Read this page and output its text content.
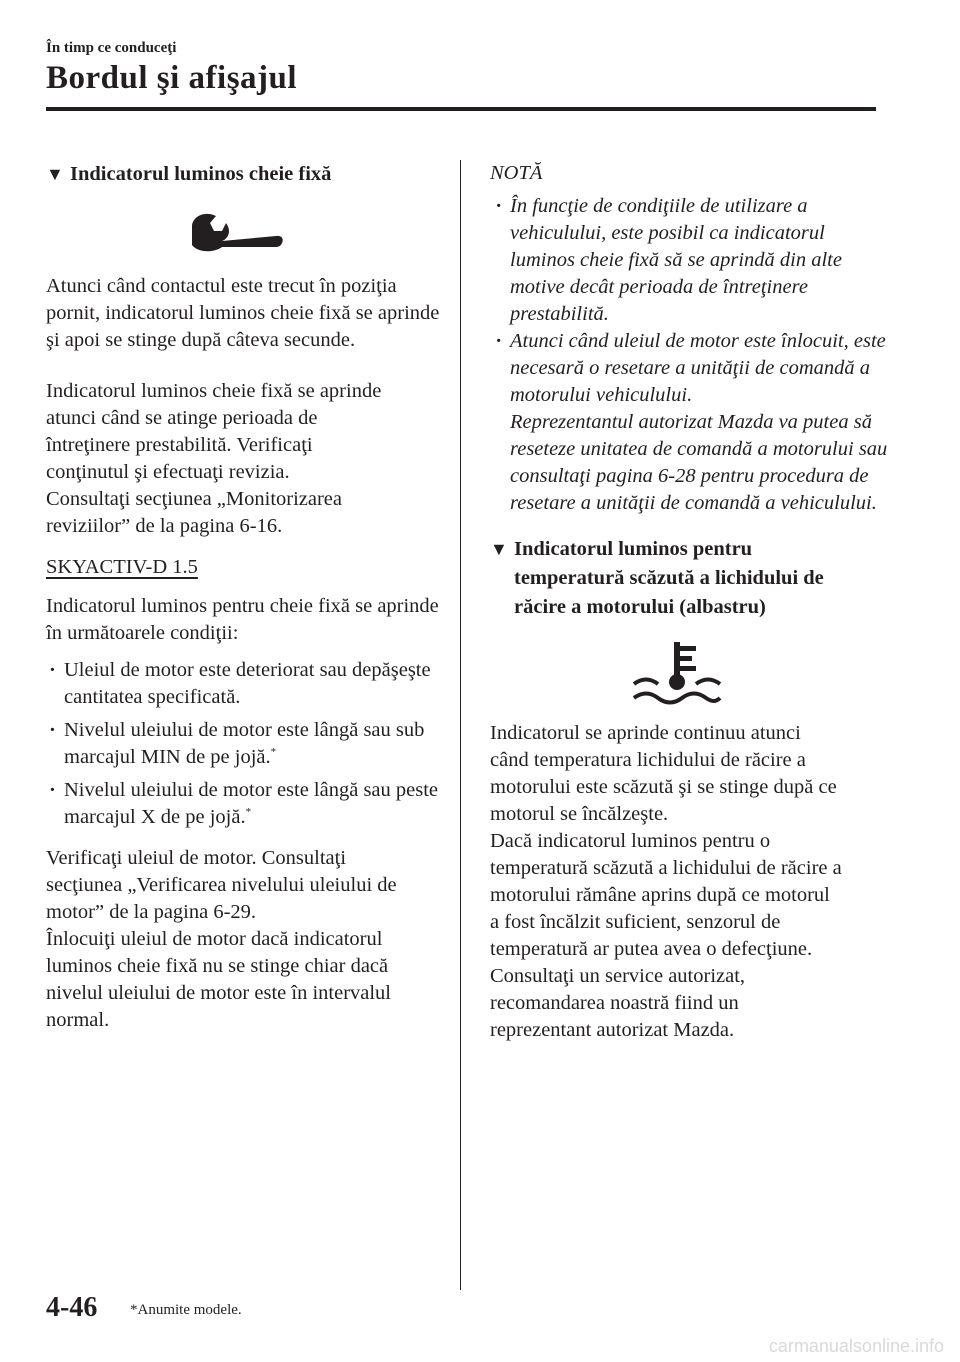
În timp ce conduceţi
Bordul şi afişajul
▼ Indicatorul luminos cheie fixă

Atunci când contactul este trecut în poziţia pornit, indicatorul luminos cheie fixă se aprinde şi apoi se stinge după câteva secunde.

Indicatorul luminos cheie fixă se aprinde
atunci când se atinge perioada de
întreţinere prestabilită. Verificaţi
conţinutul şi efectuaţi revizia.
Consultaţi secţiunea „Monitorizarea
reviziilor” de la pagina 6-16.

SKYACTIV-D 1.5

Indicatorul luminos pentru cheie fixă se aprinde în următoarele condiţii:

· Uleiul de motor este deteriorat sau depăşeşte cantitatea specificată.
· Nivelul uleiului de motor este lângă sau sub marcajul MIN de pe jojă.*
· Nivelul uleiului de motor este lângă sau peste marcajul X de pe jojă.*
Verificaţi uleiul de motor. Consultaţi
secţiunea „Verificarea nivelului uleiului de
motor” de la pagina 6-29.
Înlocuiţi uleiul de motor dacă indicatorul
luminos cheie fixă nu se stinge chiar dacă
nivelul uleiului de motor este în intervalul
normal.
NOTĂ
· În funcţie de condiţiile de utilizare a vehiculului, este posibil ca indicatorul luminos cheie fixă să se aprindă din alte motive decât perioada de întreţinere prestabilită.
· Atunci când uleiul de motor este înlocuit, este necesară o resetare a unităţii de comandă a motorului vehiculului.
Reprezentantul autorizat Mazda va putea să reseteze unitatea de comandă a motorului sau consultaţi pagina 6-28 pentru procedura de resetare a unităţii de comandă a vehiculului.
▼ Indicatorul luminos pentru
temperatură scăzută a lichidului de
răcire a motorului (albastru)
Indicatorul se aprinde continuu atunci
când temperatura lichidului de răcire a
motorului este scăzută şi se stinge după ce
motorul se încălzeşte.
Dacă indicatorul luminos pentru o
temperatură scăzută a lichidului de răcire a
motorului rămâne aprins după ce motorul
a fost încălzit suficient, senzorul de
temperatură ar putea avea o defecţiune.
Consultaţi un service autorizat,
recomandarea noastră fiind un
reprezentant autorizat Mazda.
4-46 *Anumite modele.
carmanualsonline.info
